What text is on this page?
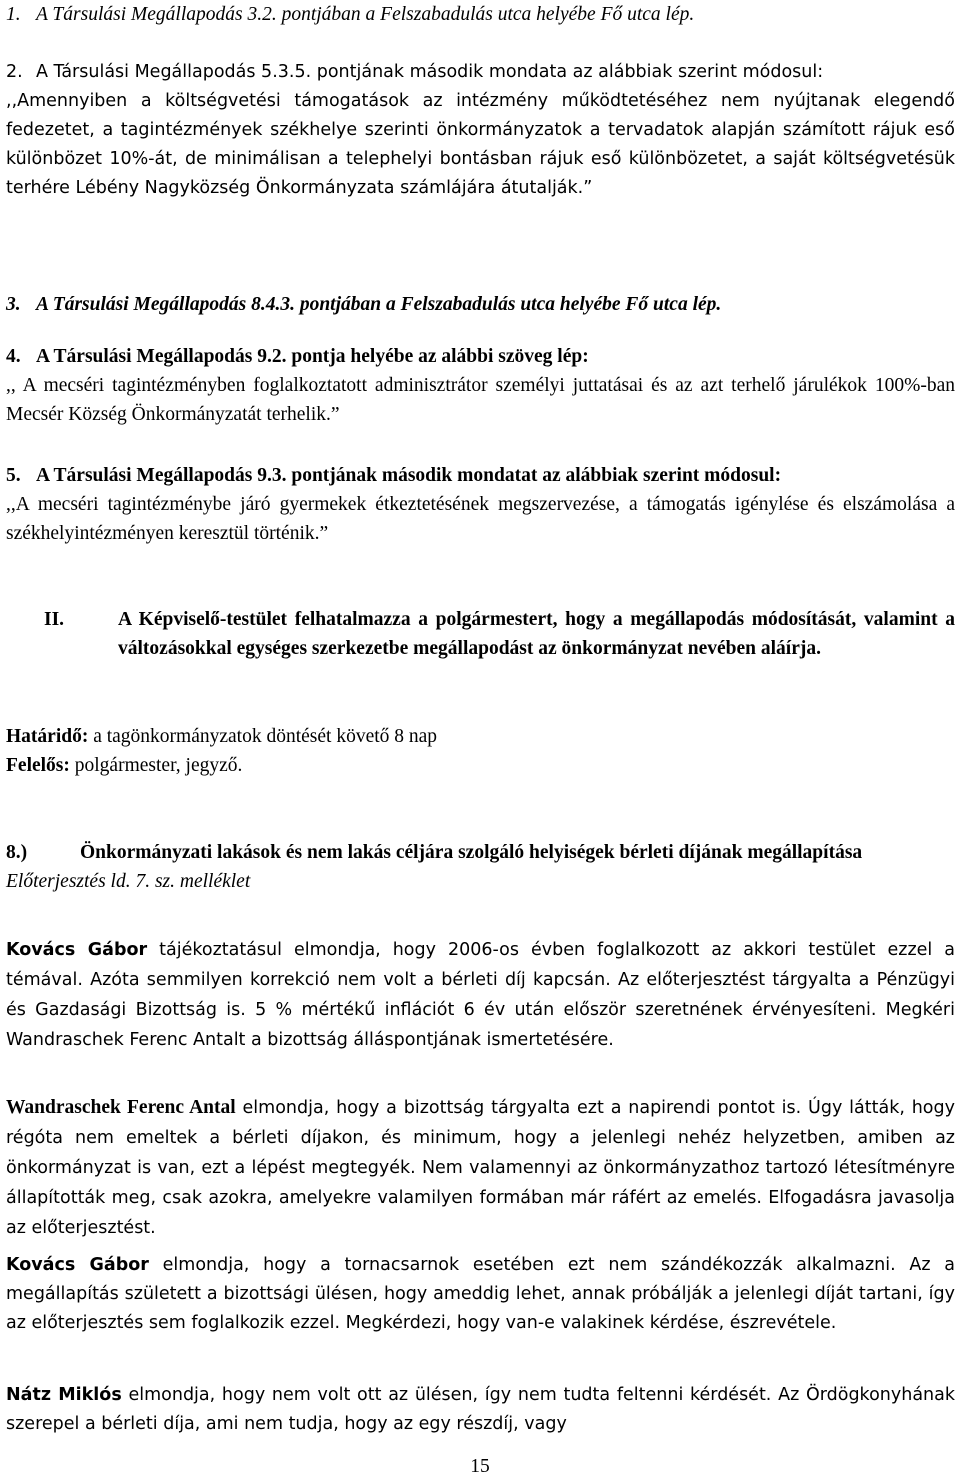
1. A Társulási Megállapodás 3.2. pontjában a Felszabadulás utca helyébe Fő utca lép.

2. A Társulási Megállapodás 5.3.5. pontjának második mondata az alábbiak szerint módosul:

,,Amennyiben a költségvetési támogatások az intézmény működtetéséhez nem nyújtanak elegendő fedezetet, a tagintézmények székhelye szerinti önkormányzatok a tervadatok alapján számított rájuk eső különbözet 10%-át, de minimálisan a telephelyi bontásban rájuk eső különbözetet, a saját költségvetésük terhére Lébény Nagyközség Önkormányzata számlájára átutalják.”

3. A Társulási Megállapodás 8.4.3. pontjában a Felszabadulás utca helyébe Fő utca lép.

4. A Társulási Megállapodás 9.2. pontja helyébe az alábbi szöveg lép:

,, A mecséri tagintézményben foglalkoztatott adminisztrátor személyi juttatásai és az azt terhelő járulékok 100%-ban Mecsér Község Önkormányzatát terhelik.”

5. A Társulási Megállapodás 9.3. pontjának második mondatat az alábbiak szerint módosul:

,,A mecséri tagintézménybe járó gyermekek étkeztetésének megszervezése, a támogatás igénylése és elszámolása a székhelyintézményen keresztül történik.”

II.	A Képviselő-testület felhatalmazza a polgármestert, hogy a megállapodás módosítását, valamint a változásokkal egységes szerkezetbe megállapodást az önkormányzat nevében aláírja.

Határidő: a tagönkormányzatok döntését követő 8 nap

Felelős: polgármester, jegyző.

8.)	Önkormányzati lakások és nem lakás céljára szolgáló helyiségek bérleti díjának megállapítása

Előterjesztés ld. 7. sz. melléklet

Kovács Gábor tájékoztatásul elmondja, hogy 2006-os évben foglalkozott az akkori testület ezzel a témával. Azóta semmilyen korrekció nem volt a bérleti díj kapcsán. Az előterjesztést tárgyalta a Pénzügyi és Gazdasági Bizottság is. 5 % mértékű inflációt 6 év után először szeretnének érvényesíteni. Megkéri Wandraschek Ferenc Antalt a bizottság álláspontjának ismertetésére.

Wandraschek Ferenc Antal elmondja, hogy a bizottság tárgyalta ezt a napirendi pontot is. Úgy látták, hogy régóta nem emeltek a bérleti díjakon, és minimum, hogy a jelenlegi nehéz helyzetben, amiben az önkormányzat is van, ezt a lépést megtegyék. Nem valamennyi az önkormányzathoz tartozó létesítményre állapították meg, csak azokra, amelyekre valamilyen formában már ráfért az emelés. Elfogadásra javasolja az előterjesztést.

Kovács Gábor elmondja, hogy a tornacsarnok esetében ezt nem szándékozzák alkalmazni. Az a megállapítás született a bizottsági ülésen, hogy ameddig lehet, annak próbálják a jelenlegi díját tartani, így az előterjesztés sem foglalkozik ezzel. Megkérdezi, hogy van-e valakinek kérdése, észrevétele.

Nátz Miklós elmondja, hogy nem volt ott az ülésen, így nem tudta feltenni kérdését. Az Ördögkonyhának szerepel a bérleti díja, ami nem tudja, hogy az egy részdíj, vagy

15
